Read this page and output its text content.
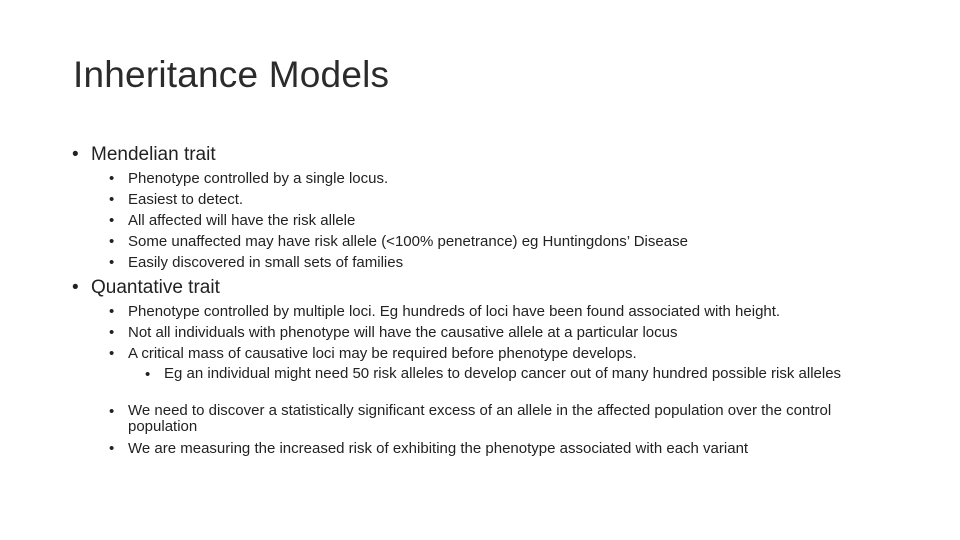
Inheritance Models
• Mendelian trait
• Phenotype controlled by a single locus.
• Easiest to detect.
• All affected will have the risk allele
• Some unaffected may have risk allele (<100% penetrance) eg Huntingdons’ Disease
• Easily discovered in small sets of families
• Quantative trait
• Phenotype controlled by multiple loci. Eg hundreds of loci have been found associated with height.
• Not all individuals with phenotype will have the causative allele at a particular locus
• A critical mass of causative loci may be required before phenotype develops.
• Eg an individual might need 50 risk alleles to develop cancer out of many hundred possible risk alleles
• We need to discover a statistically significant excess of an allele in the affected population over the control population
• We are measuring the increased risk of exhibiting the phenotype associated with each variant
